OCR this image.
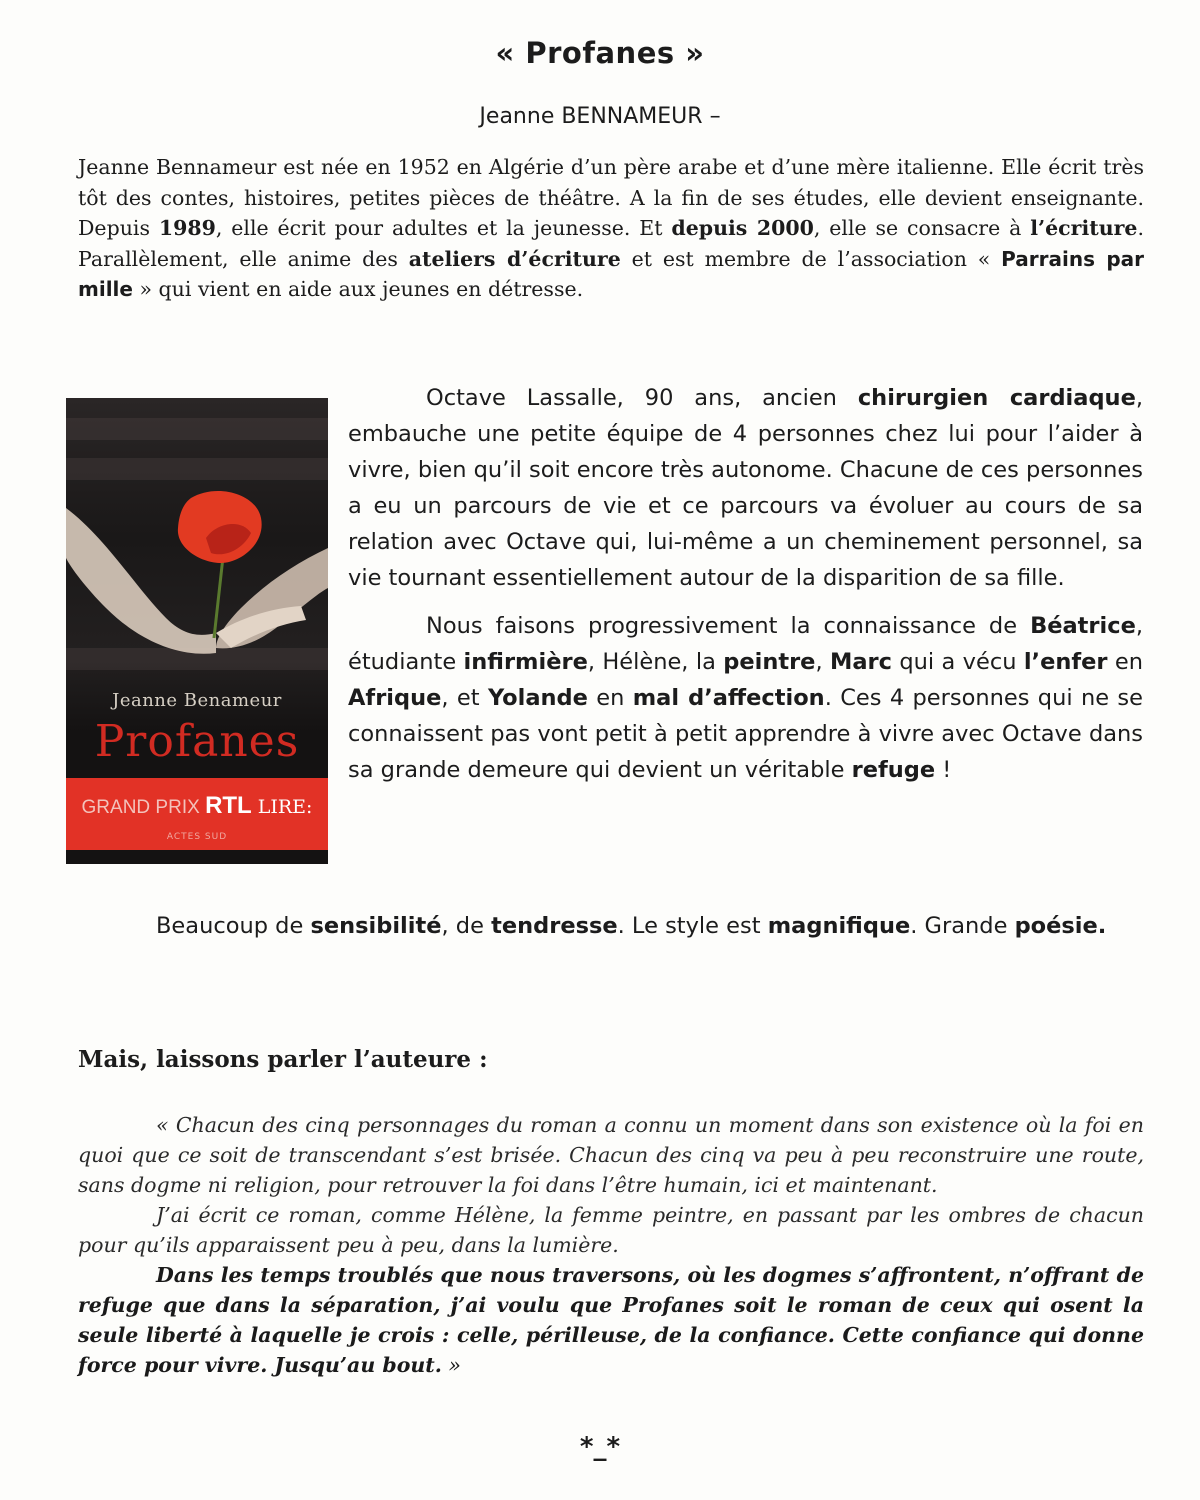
« Profanes »
Jeanne BENNAMEUR –

Jeanne Bennameur est née en 1952 en Algérie d’un père arabe et d’une mère italienne. Elle écrit très tôt des contes, histoires, petites pièces de théâtre. A la fin de ses études, elle devient enseignante. Depuis 1989, elle écrit pour adultes et la jeunesse. Et depuis 2000, elle se consacre à l’écriture. Parallèlement, elle anime des ateliers d’écriture et est membre de l’association « Parrains par mille » qui vient en aide aux jeunes en détresse.

Jeanne Benameur
Profanes
GRAND PRIX RTL LIRE:
ACTES SUD

Octave Lassalle, 90 ans, ancien chirurgien cardiaque, embauche une petite équipe de 4 personnes chez lui pour l’aider à vivre, bien qu’il soit encore très autonome. Chacune de ces personnes a eu un parcours de vie et ce parcours va évoluer au cours de sa relation avec Octave qui, lui-même a un cheminement personnel, sa vie tournant essentiellement autour de la disparition de sa fille.

Nous faisons progressivement la connaissance de Béatrice, étudiante infirmière, Hélène, la peintre, Marc qui a vécu l’enfer en Afrique, et Yolande en mal d’affection. Ces 4 personnes qui ne se connaissent pas vont petit à petit apprendre à vivre avec Octave dans sa grande demeure qui devient un véritable refuge !

Beaucoup de sensibilité, de tendresse. Le style est magnifique. Grande poésie.

Mais, laissons parler l’auteure :

« Chacun des cinq personnages du roman a connu un moment dans son existence où la foi en quoi que ce soit de transcendant s’est brisée. Chacun des cinq va peu à peu reconstruire une route, sans dogme ni religion, pour retrouver la foi dans l’être humain, ici et maintenant.

J’ai écrit ce roman, comme Hélène, la femme peintre, en passant par les ombres de chacun pour qu’ils apparaissent peu à peu, dans la lumière.

Dans les temps troublés que nous traversons, où les dogmes s’affrontent, n’offrant de refuge que dans la séparation, j’ai voulu que Profanes soit le roman de ceux qui osent la seule liberté à laquelle je crois : celle, périlleuse, de la confiance. Cette confiance qui donne force pour vivre. Jusqu’au bout. »

*_*
